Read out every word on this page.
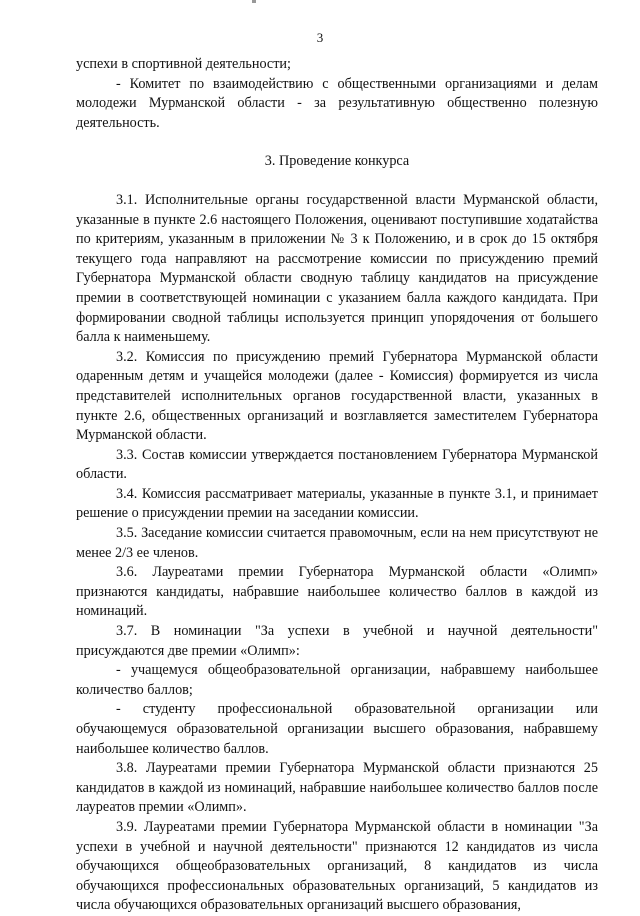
3

успехи в спортивной деятельности;

- Комитет по взаимодействию с общественными организациями и делам молодежи Мурманской области - за результативную общественно полезную деятельность.

3. Проведение конкурса

3.1. Исполнительные органы государственной власти Мурманской области, указанные в пункте 2.6 настоящего Положения, оценивают поступившие ходатайства по критериям, указанным в приложении № 3 к Положению, и в срок до 15 октября текущего года направляют на рассмотрение комиссии по присуждению премий Губернатора Мурманской области сводную таблицу кандидатов на присуждение премии в соответствующей номинации с указанием балла каждого кандидата. При формировании сводной таблицы используется принцип упорядочения от большего балла к наименьшему.

3.2. Комиссия по присуждению премий Губернатора Мурманской области одаренным детям и учащейся молодежи (далее - Комиссия) формируется из числа представителей исполнительных органов государственной власти, указанных в пункте 2.6, общественных организаций и возглавляется заместителем Губернатора Мурманской области.

3.3. Состав комиссии утверждается постановлением Губернатора Мурманской области.

3.4. Комиссия рассматривает материалы, указанные в пункте 3.1, и принимает решение о присуждении премии на заседании комиссии.

3.5. Заседание комиссии считается правомочным, если на нем присутствуют не менее 2/3 ее членов.

3.6. Лауреатами премии Губернатора Мурманской области «Олимп» признаются кандидаты, набравшие наибольшее количество баллов в каждой из номинаций.

3.7. В номинации "За успехи в учебной и научной деятельности" присуждаются две премии «Олимп»:

- учащемуся общеобразовательной организации, набравшему наибольшее количество баллов;

- студенту профессиональной образовательной организации или обучающемуся образовательной организации высшего образования, набравшему наибольшее количество баллов.

3.8. Лауреатами премии Губернатора Мурманской области признаются 25 кандидатов в каждой из номинаций, набравшие наибольшее количество баллов после лауреатов премии «Олимп».

3.9. Лауреатами премии Губернатора Мурманской области в номинации "За успехи в учебной и научной деятельности" признаются 12 кандидатов из числа обучающихся общеобразовательных организаций, 8 кандидатов из числа обучающихся профессиональных образовательных организаций, 5 кандидатов из числа обучающихся образовательных организаций высшего образования,
